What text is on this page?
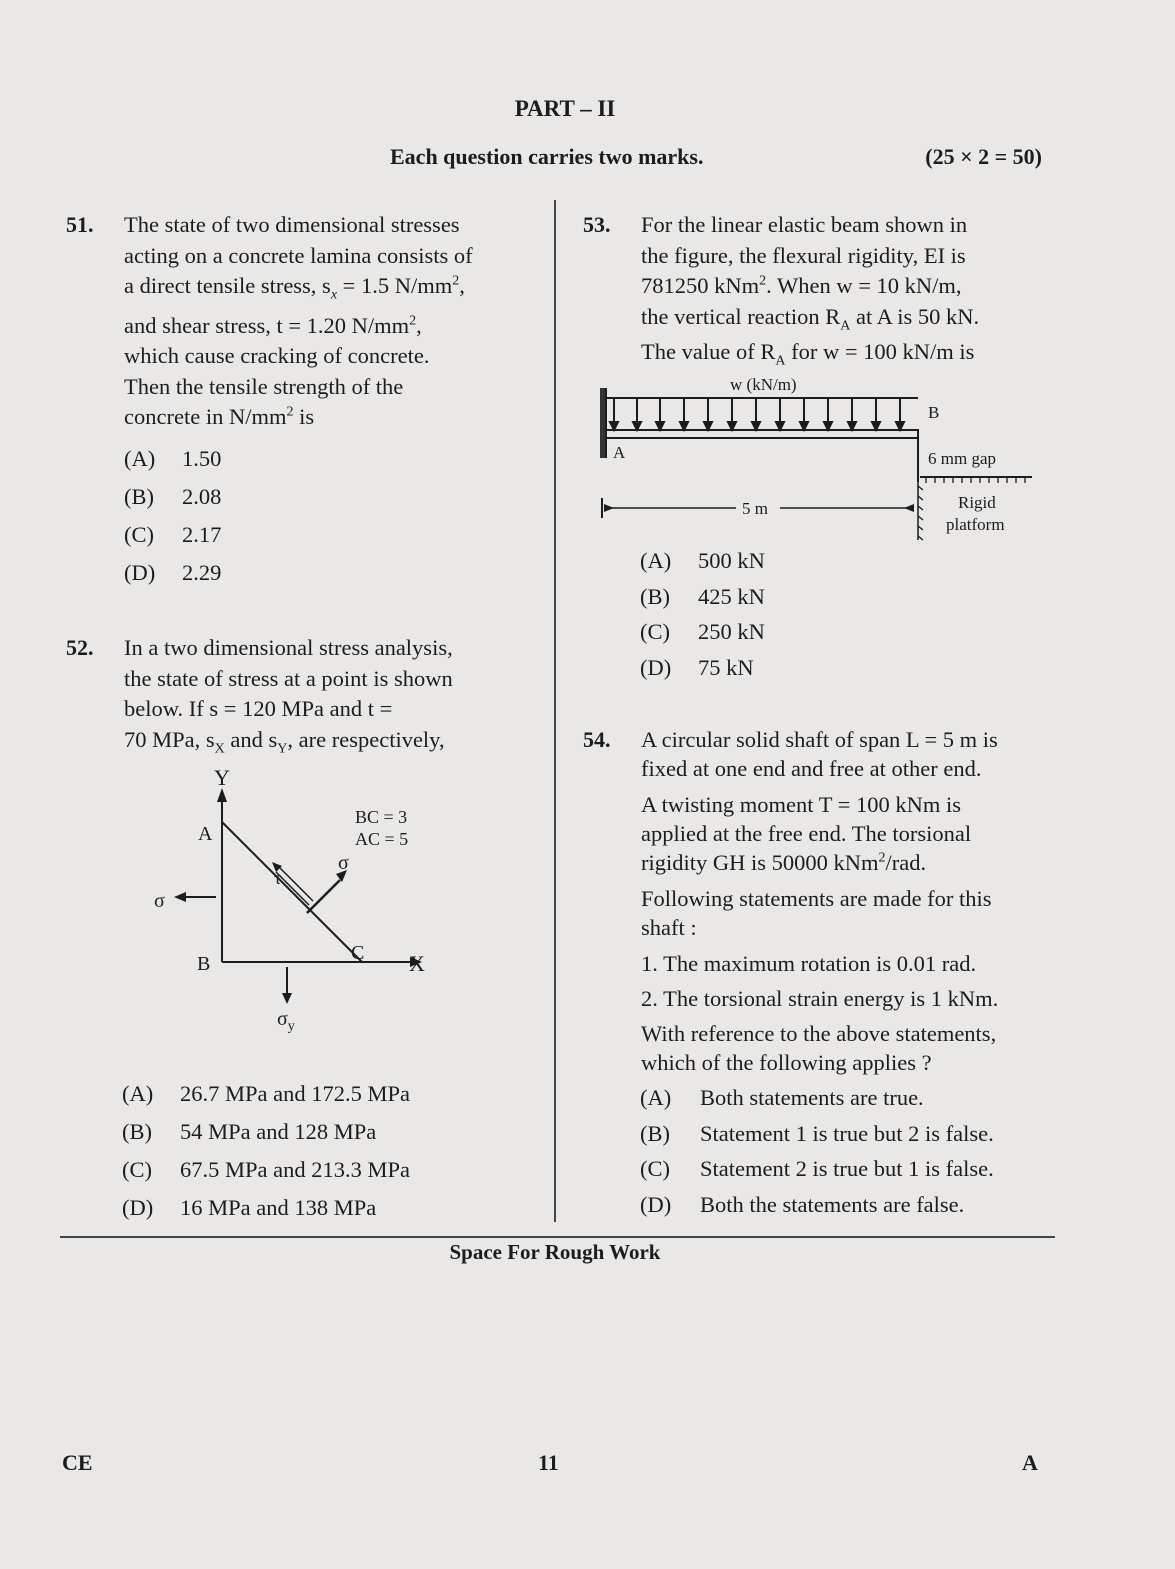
PART – II
Each question carries two marks.	(25 × 2 = 50)
51. The state of two dimensional stresses
acting on a concrete lamina consists of
a direct tensile stress, $s_x = 1.5$ $N/mm^2$,
and shear stress, t = 1.20 $N/mm^2$,
which cause cracking of concrete.
Then the tensile strength of the
concrete in $N/mm^2$ is
(A) 1.50
(B) 2.08
(C) 2.17
(D) 2.29
52. In a two dimensional stress analysis,
the state of stress at a point is shown
below. If s = 120 MPa and t =
70 MPa, $s_X$ and $s_Y$, are respectively,
Y
X
A
B	C
BC = 3
AC = 5
σ
τ
σ
$\sigma_y$
(A) 26.7 MPa and 172.5 MPa
(B) 54 MPa and 128 MPa
(C) 67.5 MPa and 213.3 MPa
(D) 16 MPa and 138 MPa
53. For the linear elastic beam shown in
the figure, the flexural rigidity, EI is
781250 kNm$^2$. When w = 10 kN/m,
the vertical reaction $R_A$ at A is 50 kN.
The value of $R_A$ for w = 100 kN/m is
w (kN/m)
A
B
6 mm gap
5 m	Rigid
platform
(A) 500 kN
(B) 425 kN
(C) 250 kN
(D) 75 kN
54. A circular solid shaft of span L = 5 m is
fixed at one end and free at other end.
A twisting moment T = 100 kNm is
applied at the free end. The torsional
rigidity GH is 50000 kNm$^2$/rad.
Following statements are made for this
shaft :
1. The maximum rotation is 0.01 rad.
2. The torsional strain energy is 1 kNm.
With reference to the above statements,
which of the following applies ?
(A) Both statements are true.
(B) Statement 1 is true but 2 is false.
(C) Statement 2 is true but 1 is false.
(D) Both the statements are false.
Space For Rough Work
CE	11	A
